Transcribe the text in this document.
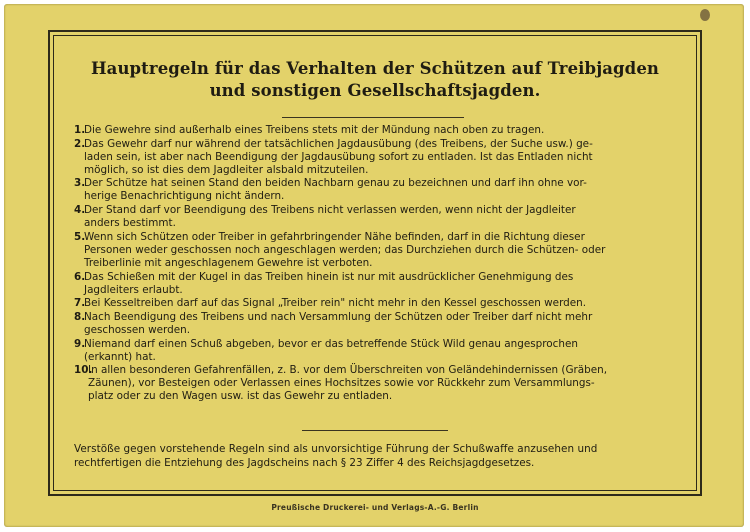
Hauptregeln für das Verhalten der Schützen auf Treibjagden
und sonstigen Gesellschaftsjagden.
1.
Die Gewehre sind außerhalb eines Treibens stets mit der Mündung nach oben zu tragen.
2.
Das Gewehr darf nur während der tatsächlichen Jagdausübung (des Treibens, der Suche usw.) ge-
laden sein, ist aber nach Beendigung der Jagdausübung sofort zu entladen. Ist das Entladen nicht
möglich, so ist dies dem Jagdleiter alsbald mitzuteilen.
3.
Der Schütze hat seinen Stand den beiden Nachbarn genau zu bezeichnen und darf ihn ohne vor-
herige Benachrichtigung nicht ändern.
4.
Der Stand darf vor Beendigung des Treibens nicht verlassen werden, wenn nicht der Jagdleiter
anders bestimmt.
5.
Wenn sich Schützen oder Treiber in gefahrbringender Nähe befinden, darf in die Richtung dieser
Personen weder geschossen noch angeschlagen werden; das Durchziehen durch die Schützen- oder
Treiberlinie mit angeschlagenem Gewehre ist verboten.
6.
Das Schießen mit der Kugel in das Treiben hinein ist nur mit ausdrücklicher Genehmigung des
Jagdleiters erlaubt.
7.
Bei Kesseltreiben darf auf das Signal „Treiber rein" nicht mehr in den Kessel geschossen werden.
8.
Nach Beendigung des Treibens und nach Versammlung der Schützen oder Treiber darf nicht mehr
geschossen werden.
9.
Niemand darf einen Schuß abgeben, bevor er das betreffende Stück Wild genau angesprochen
(erkannt) hat.
10.
In allen besonderen Gefahrenfällen, z. B. vor dem Überschreiten von Geländehindernissen (Gräben,
Zäunen), vor Besteigen oder Verlassen eines Hochsitzes sowie vor Rückkehr zum Versammlungs-
platz oder zu den Wagen usw. ist das Gewehr zu entladen.
Verstöße gegen vorstehende Regeln sind als unvorsichtige Führung der Schußwaffe anzusehen und
rechtfertigen die Entziehung des Jagdscheins nach § 23 Ziffer 4 des Reichsjagdgesetzes.
Preußische Druckerei- und Verlags-A.-G. Berlin
